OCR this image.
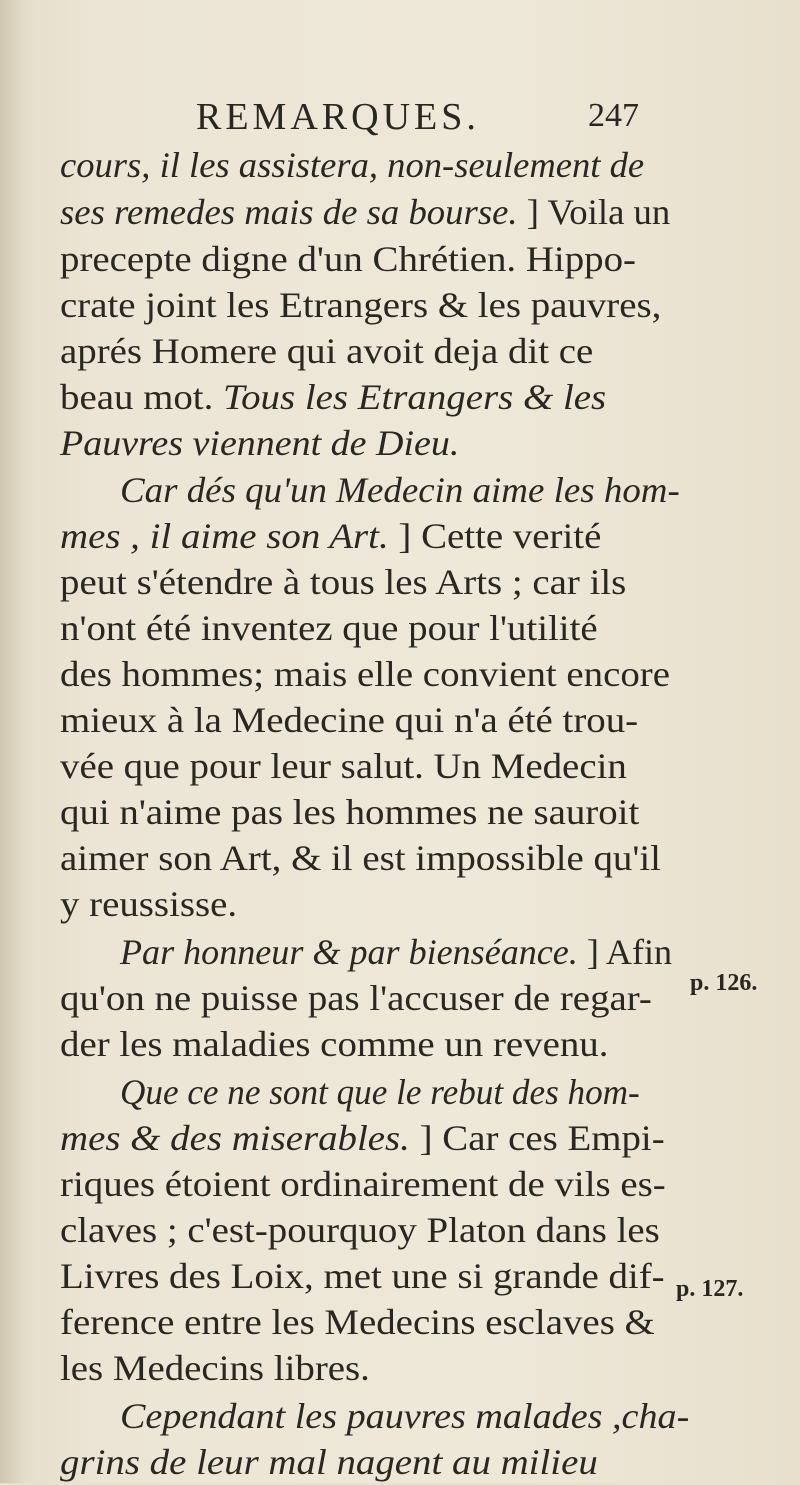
REMARQUES.	247
cours, il les assistera, non-seulement de
ses remedes mais de sa bourse. ] Voila un
precepte digne d'un Chrétien. Hippo-
crate joint les Etrangers & les pauvres,
aprés Homere qui avoit deja dit ce
beau mot. Tous les Etrangers & les
Pauvres viennent de Dieu.
Car dés qu'un Medecin aime les hom-
mes , il aime son Art. ] Cette verité
peut s'étendre à tous les Arts ; car ils
n'ont été inventez que pour l'utilité
des hommes; mais elle convient encore
mieux à la Medecine qui n'a été trou-
vée que pour leur salut. Un Medecin
qui n'aime pas les hommes ne sauroit
aimer son Art, & il est impossible qu'il
y reussisse.
Par honneur & par bienséance. ] Afin
qu'on ne puisse pas l'accuser de regar-
der les maladies comme un revenu.
Que ce ne sont que le rebut des hom-
mes & des miserables. ] Car ces Empi-
riques étoient ordinairement de vils es-
claves ; c'est-pourquoy Platon dans les
Livres des Loix, met une si grande dif-
ference entre les Medecins esclaves &
les Medecins libres.
Cependant les pauvres malades ,cha-
grins de leur mal nagent au milieu
p. 126.
p. 127.
